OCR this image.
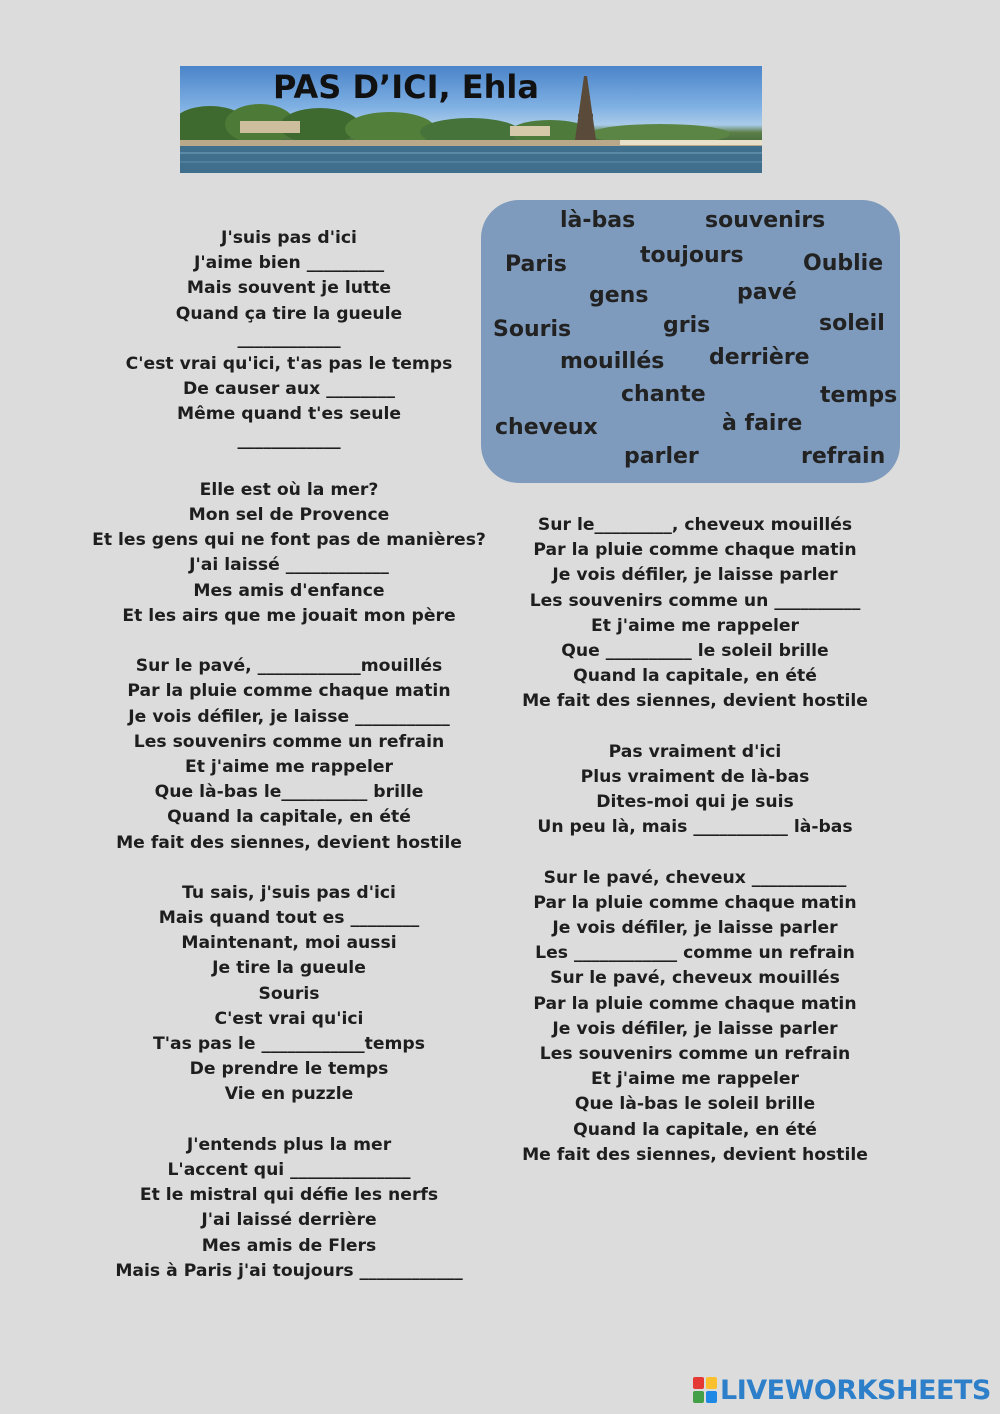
PAS D’ICI, Ehla
J'suis pas d'ici
J'aime bien _________
Mais souvent je lutte
Quand ça tire la gueule
____________
C'est vrai qu'ici, t'as pas le temps
De causer aux ________
Même quand t'es seule
____________
Elle est où la mer?
Mon sel de Provence
Et les gens qui ne font pas de manières?
J'ai laissé ____________
Mes amis d'enfance
Et les airs que me jouait mon père
Sur le pavé, ____________mouillés
Par la pluie comme chaque matin
Je vois défiler, je laisse ___________
Les souvenirs comme un refrain
Et j'aime me rappeler
Que là-bas le__________ brille
Quand la capitale, en été
Me fait des siennes, devient hostile
Tu sais, j'suis pas d'ici
Mais quand tout es ________
Maintenant, moi aussi
Je tire la gueule
Souris
C'est vrai qu'ici
T'as pas le ____________temps
De prendre le temps
Vie en puzzle
J'entends plus la mer
L'accent qui ______________
Et le mistral qui défie les nerfs
J'ai laissé derrière
Mes amis de Flers
Mais à Paris j'ai toujours ____________
là-bas	souvenirs
Paris	toujours	Oublie
gens	pavé
Souris	gris	soleil
mouillés derrière
chante	temps
cheveux	à faire
parler	refrain
Sur le_________, cheveux mouillés
Par la pluie comme chaque matin
Je vois défiler, je laisse parler
Les souvenirs comme un __________
Et j'aime me rappeler
Que __________ le soleil brille
Quand la capitale, en été
Me fait des siennes, devient hostile
Pas vraiment d'ici
Plus vraiment de là-bas
Dites-moi qui je suis
Un peu là, mais ___________ là-bas
Sur le pavé, cheveux ___________
Par la pluie comme chaque matin
Je vois défiler, je laisse parler
Les ____________ comme un refrain
Sur le pavé, cheveux mouillés
Par la pluie comme chaque matin
Je vois défiler, je laisse parler
Les souvenirs comme un refrain
Et j'aime me rappeler
Que là-bas le soleil brille
Quand la capitale, en été
Me fait des siennes, devient hostile
LIVEWORKSHEETS
